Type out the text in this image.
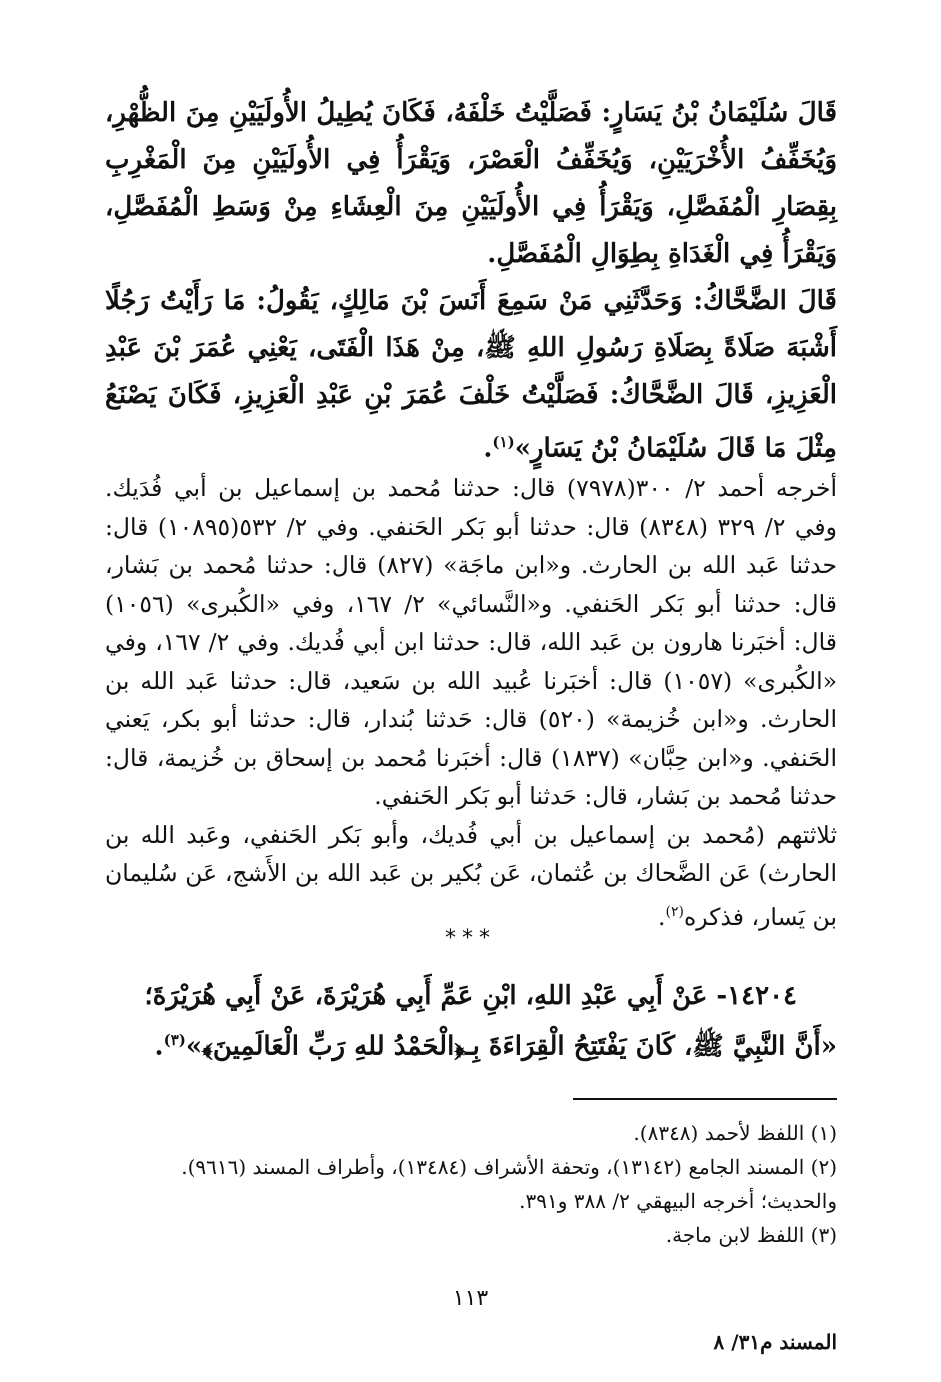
قَالَ سُلَيْمَانُ بْنُ يَسَارٍ: فَصَلَّيْتُ خَلْفَهُ، فَكَانَ يُطِيلُ الأُولَيَيْنِ مِنَ الظُّهْرِ، وَيُخَفِّفُ الأُخْرَيَيْنِ، وَيُخَفِّفُ الْعَصْرَ، وَيَقْرَأُ فِي الأُولَيَيْنِ مِنَ الْمَغْرِبِ بِقِصَارِ الْمُفَصَّلِ، وَيَقْرَأُ فِي الأُولَيَيْنِ مِنَ الْعِشَاءِ مِنْ وَسَطِ الْمُفَصَّلِ، وَيَقْرَأُ فِي الْغَدَاةِ بِطِوَالِ الْمُفَصَّلِ.

قَالَ الضَّحَّاكُ: وَحَدَّثَنِي مَنْ سَمِعَ أَنَسَ بْنَ مَالِكٍ، يَقُولُ: مَا رَأَيْتُ رَجُلًا أَشْبَهَ صَلَاةً بِصَلَاةِ رَسُولِ اللهِ ﷺ، مِنْ هَذَا الْفَتَى، يَعْنِي عُمَرَ بْنَ عَبْدِ الْعَزِيزِ، قَالَ الضَّحَّاكُ: فَصَلَّيْتُ خَلْفَ عُمَرَ بْنِ عَبْدِ الْعَزِيزِ، فَكَانَ يَصْنَعُ مِثْلَ مَا قَالَ سُلَيْمَانُ بْنُ يَسَارٍ»$^{(١)}$.

أخرجه أحمد ٢/ ٣٠٠(٧٩٧٨) قال: حدثنا مُحمد بن إسماعيل بن أبي فُدَيك. وفي ٢/ ٣٢٩ (٨٣٤٨) قال: حدثنا أبو بَكر الحَنفي. وفي ٢/ ٥٣٢(١٠٨٩٥) قال: حدثنا عَبد الله بن الحارث. و«ابن ماجَة» (٨٢٧) قال: حدثنا مُحمد بن بَشار، قال: حدثنا أبو بَكر الحَنفي. و«النَّسائي» ٢/ ١٦٧، وفي «الكُبرى» (١٠٥٦) قال: أخبَرنا هارون بن عَبد الله، قال: حدثنا ابن أبي فُديك. وفي ٢/ ١٦٧، وفي «الكُبرى» (١٠٥٧) قال: أخبَرنا عُبيد الله بن سَعيد، قال: حدثنا عَبد الله بن الحارث. و«ابن خُزيمة» (٥٢٠) قال: حَدثنا بُندار، قال: حدثنا أبو بكر، يَعني الحَنفي. و«ابن حِبَّان» (١٨٣٧) قال: أخبَرنا مُحمد بن إسحاق بن خُزيمة، قال: حدثنا مُحمد بن بَشار، قال: حَدثنا أبو بَكر الحَنفي.

ثلاثتهم (مُحمد بن إسماعيل بن أبي فُديك، وأبو بَكر الحَنفي، وعَبد الله بن الحارث) عَن الضَّحاك بن عُثمان، عَن بُكير بن عَبد الله بن الأَشج، عَن سُليمان بن يَسار، فذكره$^{(٢)}$.

***

١٤٢٠٤- عَنْ أَبِي عَبْدِ اللهِ، ابْنِ عَمِّ أَبِي هُرَيْرَةَ، عَنْ أَبِي هُرَيْرَةَ؛

«أَنَّ النَّبِيَّ ﷺ، كَانَ يَفْتَتِحُ الْقِرَاءَةَ بِـ﴿الْحَمْدُ للهِ رَبِّ الْعَالَمِينَ﴾»$^{(٣)}$.

(١) اللفظ لأحمد (٨٣٤٨).
(٢) المسند الجامع (١٣١٤٢)، وتحفة الأشراف (١٣٤٨٤)، وأطراف المسند (٩٦١٦).
والحديث؛ أخرجه البيهقي ٢/ ٣٨٨ و٣٩١.
(٣) اللفظ لابن ماجة.
١١٣
المسند م٣١/ ٨
